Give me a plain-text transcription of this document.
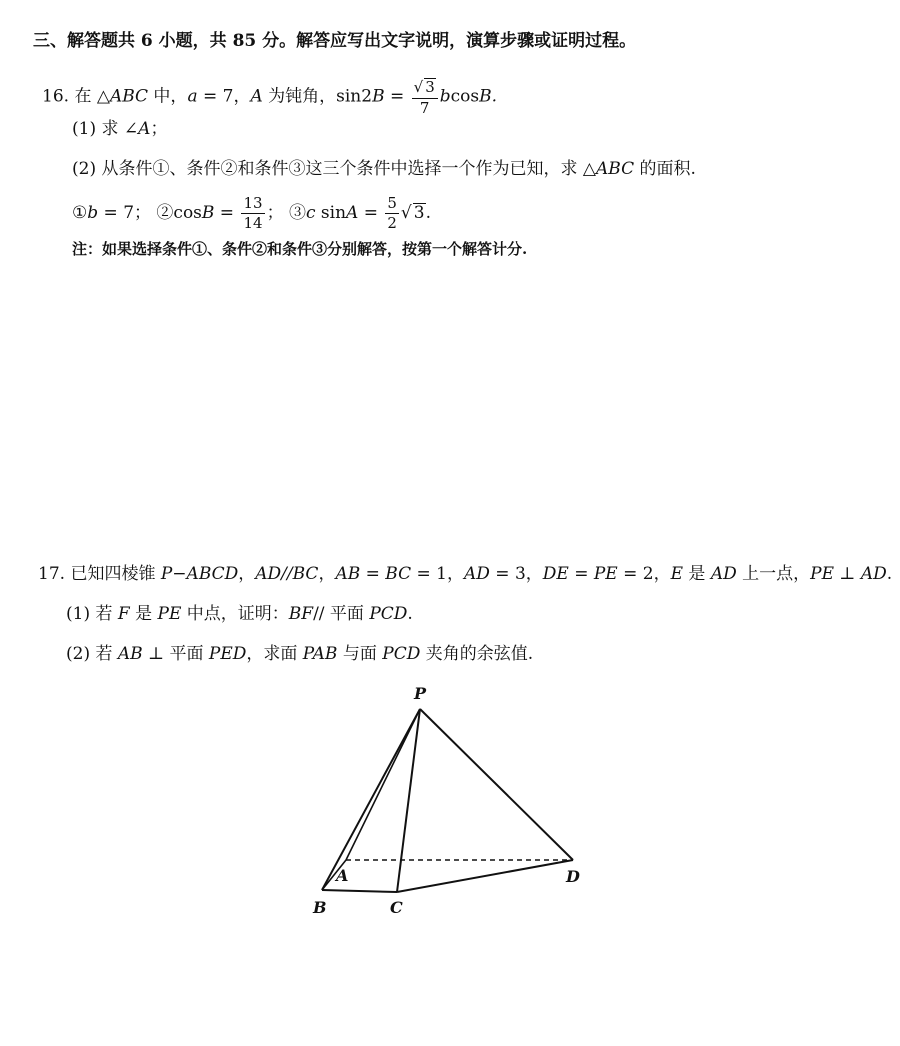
三、解答题共 6 小题，共 85 分。解答应写出文字说明，演算步骤或证明过程。
16. 在 △ABC 中，a = 7，A 为钝角，$\sin 2B = \frac{√ 3}{7} bcosB$.
(1) 求 ∠A；
(2) 从条件①、条件②和条件③这三个条件中选择一个作为已知，求 △ABC 的面积.
①b = 7； ②cosB = $\frac{13}{14}$ ； ③c $\sin A = \frac{5}{2}$ √ 3.
注：如果选择条件①、条件②和条件③分别解答，按第一个解答计分.
17. 已知四棱锥 P−ABCD，AD//BC，AB = BC = 1，AD = 3，DE = PE = 2，E 是 AD 上一点，PE ⊥ AD.
(1) 若 F 是 PE 中点，证明：BF// 平面 PCD.
(2) 若 AB ⊥ 平面 PED，求面 PAB 与面 PCD 夹角的余弦值.
P
A
B	C
D
